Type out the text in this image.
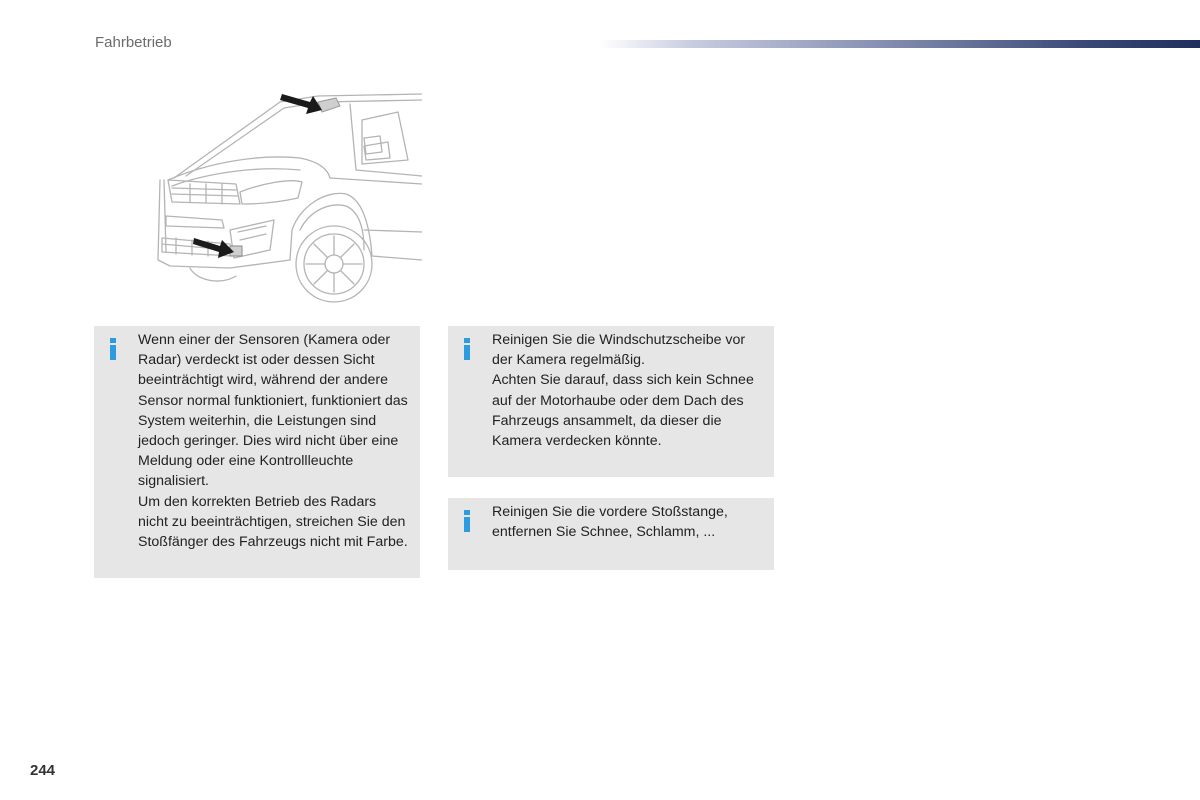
Fahrbetrieb

Wenn einer der Sensoren (Kamera oder Radar) verdeckt ist oder dessen Sicht beeinträchtigt wird, während der andere Sensor normal funktioniert, funktioniert das System weiterhin, die Leistungen sind jedoch geringer. Dies wird nicht über eine Meldung oder eine Kontrollleuchte signalisiert.

Um den korrekten Betrieb des Radars nicht zu beeinträchtigen, streichen Sie den Stoßfänger des Fahrzeugs nicht mit Farbe.

Reinigen Sie die Windschutzscheibe vor der Kamera regelmäßig.

Achten Sie darauf, dass sich kein Schnee auf der Motorhaube oder dem Dach des Fahrzeugs ansammelt, da dieser die Kamera verdecken könnte.

Reinigen Sie die vordere Stoßstange, entfernen Sie Schnee, Schlamm, ...

244
